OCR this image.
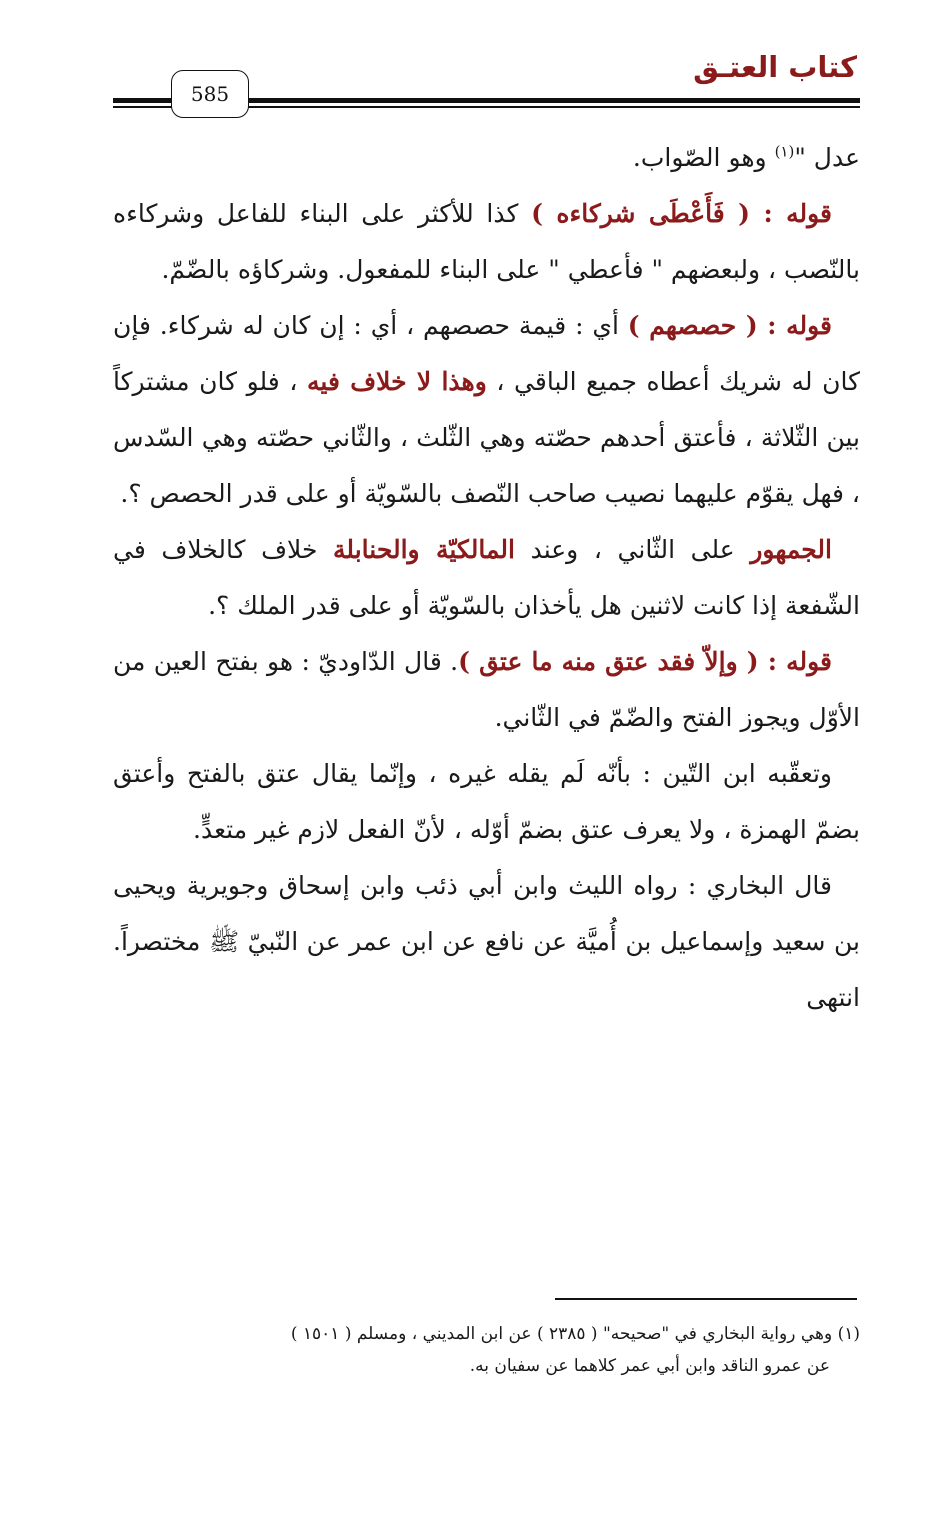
كتاب العتـق
585

عدل "$^{(١)}$ وهو الصّواب.

قوله : ( فَأَعْطَى شركاءه ) كذا للأكثر على البناء للفاعل وشركاءه بالنّصب ، ولبعضهم " فأعطي " على البناء للمفعول. وشركاؤه بالضّمّ.

قوله : ( حصصهم ) أي : قيمة حصصهم ، أي : إن كان له شركاء. فإن كان له شريك أعطاه جميع الباقي ، وهذا لا خلاف فيه ، فلو كان مشتركاً بين الثّلاثة ، فأعتق أحدهم حصّته وهي الثّلث ، والثّاني حصّته وهي السّدس ، فهل يقوّم عليهما نصيب صاحب النّصف بالسّويّة أو على قدر الحصص ؟.

الجمهور على الثّاني ، وعند المالكيّة والحنابلة خلاف كالخلاف في الشّفعة إذا كانت لاثنين هل يأخذان بالسّويّة أو على قدر الملك ؟.

قوله : ( وإلاّ فقد عتق منه ما عتق ). قال الدّاوديّ : هو بفتح العين من الأوّل ويجوز الفتح والضّمّ في الثّاني.

وتعقّبه ابن التّين : بأنّه لَم يقله غيره ، وإنّما يقال عتق بالفتح وأعتق بضمّ الهمزة ، ولا يعرف عتق بضمّ أوّله ، لأنّ الفعل لازم غير متعدٍّ.

قال البخاري : رواه الليث وابن أبي ذئب وابن إسحاق وجويرية ويحيى بن سعيد وإسماعيل بن أُميَّة عن نافع عن ابن عمر عن النّبيّ ﷺ مختصراً. انتهى

(١) وهي رواية البخاري في "صحيحه" ( ٢٣٨٥ ) عن ابن المديني ، ومسلم ( ١٥٠١ )

عن عمرو الناقد وابن أبي عمر كلاهما عن سفيان به.
